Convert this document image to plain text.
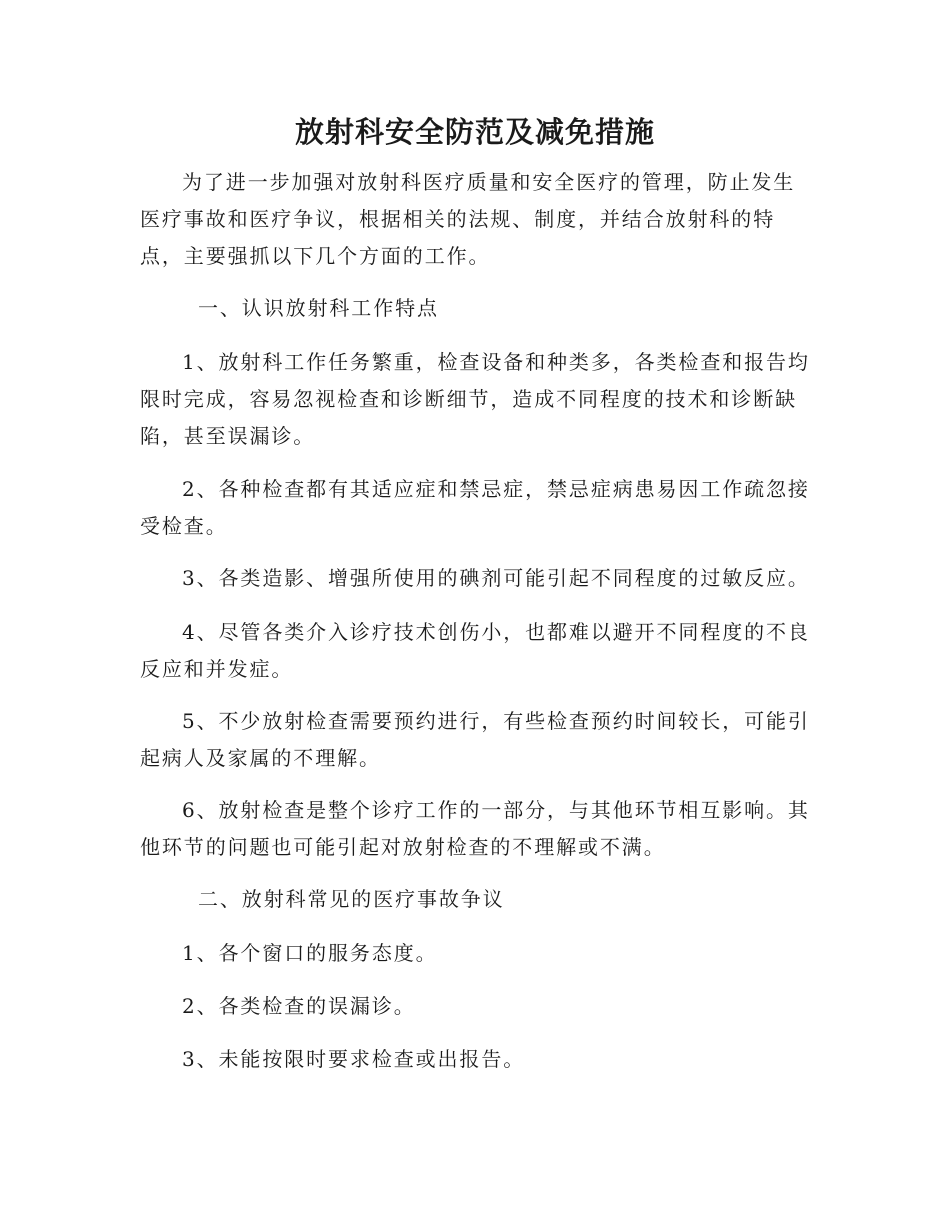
放射科安全防范及减免措施

为了进一步加强对放射科医疗质量和安全医疗的管理，防止发生
医疗事故和医疗争议，根据相关的法规、制度，并结合放射科的特
点，主要强抓以下几个方面的工作。

一、认识放射科工作特点

1、放射科工作任务繁重，检查设备和种类多，各类检查和报告均
限时完成，容易忽视检查和诊断细节，造成不同程度的技术和诊断缺
陷，甚至误漏诊。

2、各种检查都有其适应症和禁忌症，禁忌症病患易因工作疏忽接
受检查。

3、各类造影、增强所使用的碘剂可能引起不同程度的过敏反应。

4、尽管各类介入诊疗技术创伤小，也都难以避开不同程度的不良
反应和并发症。

5、不少放射检查需要预约进行，有些检查预约时间较长，可能引
起病人及家属的不理解。

6、放射检查是整个诊疗工作的一部分，与其他环节相互影响。其
他环节的问题也可能引起对放射检查的不理解或不满。

二、放射科常见的医疗事故争议

1、各个窗口的服务态度。

2、各类检查的误漏诊。

3、未能按限时要求检查或出报告。
